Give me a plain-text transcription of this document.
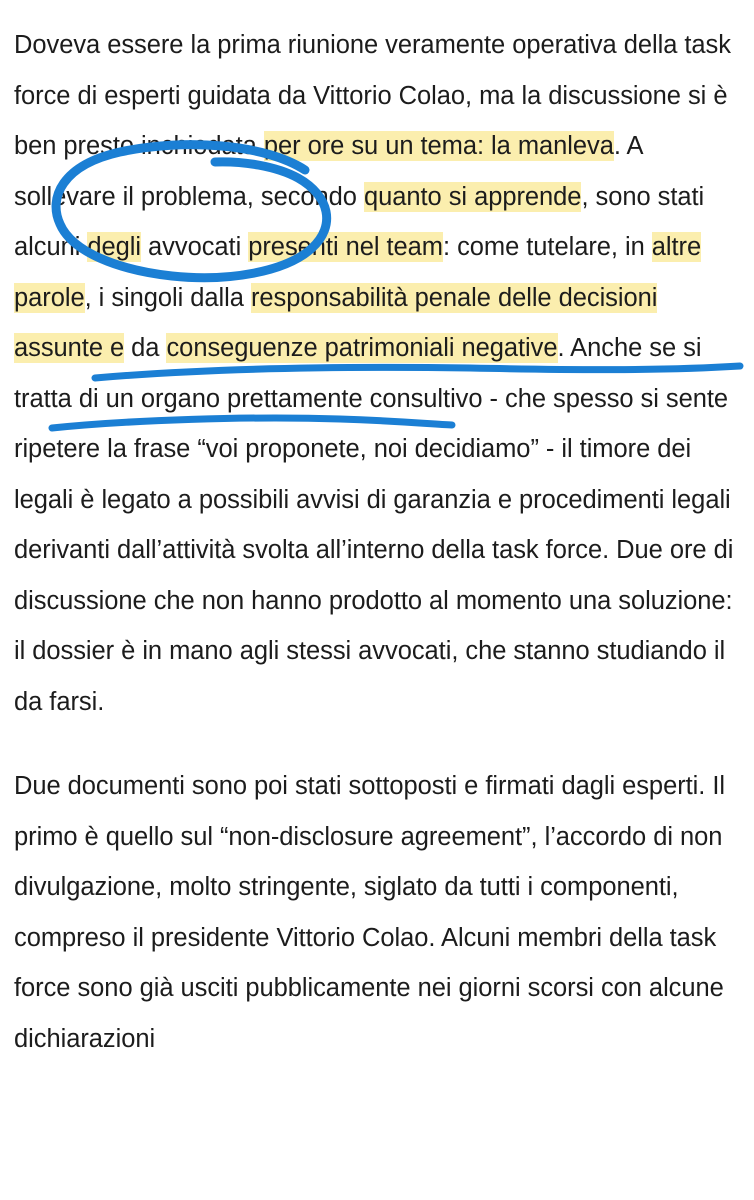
Doveva essere la prima riunione veramente operativa della task force di esperti guidata da Vittorio Colao, ma la discussione si è ben presto inchiodata per ore su un tema: la manleva. A sollevare il problema, secondo quanto si apprende, sono stati alcuni degli avvocati presenti nel team: come tutelare, in altre parole, i singoli dalla responsabilità penale delle decisioni assunte e da conseguenze patrimoniali negative. Anche se si tratta di un organo prettamente consultivo - che spesso si sente ripetere la frase “voi proponete, noi decidiamo” - il timore dei legali è legato a possibili avvisi di garanzia e procedimenti legali derivanti dall’attività svolta all’interno della task force. Due ore di discussione che non hanno prodotto al momento una soluzione: il dossier è in mano agli stessi avvocati, che stanno studiando il da farsi.

Due documenti sono poi stati sottoposti e firmati dagli esperti. Il primo è quello sul “non-disclosure agreement”, l’accordo di non divulgazione, molto stringente, siglato da tutti i componenti, compreso il presidente Vittorio Colao. Alcuni membri della task force sono già usciti pubblicamente nei giorni scorsi con alcune dichiarazioni
